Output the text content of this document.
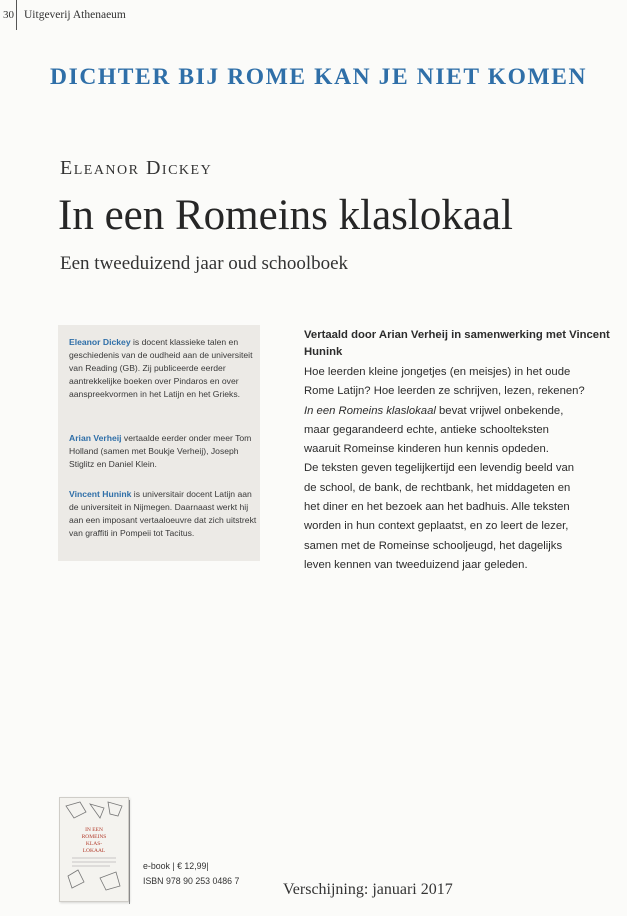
30 Uitgeverij Athenaeum
DICHTER BIJ ROME KAN JE NIET KOMEN
Eleanor Dickey
In een Romeins klaslokaal
Een tweeduizend jaar oud schoolboek

Eleanor Dickey is docent klassieke talen en geschiedenis van de oudheid aan de universiteit van Reading (GB). Zij publiceerde eerder aantrekkelijke boeken over Pindaros en over aanspreekvormen in het Latijn en het Grieks.

Arian Verheij vertaalde eerder onder meer Tom Holland (samen met Boukje Verheij), Joseph Stiglitz en Daniel Klein.

Vincent Hunink is universitair docent Latijn aan de universiteit in Nijmegen. Daarnaast werkt hij aan een imposant vertaaloeuvre dat zich uitstrekt van graffiti in Pompeii tot Tacitus.

Vertaald door Arian Verheij in samenwerking met Vincent Hunink
Hoe leerden kleine jongetjes (en meisjes) in het oude
Rome Latijn? Hoe leerden ze schrijven, lezen, rekenen?
In een Romeins klaslokaal bevat vrijwel onbekende,
maar gegarandeerd echte, antieke schoolteksten
waaruit Romeinse kinderen hun kennis opdeden.
De teksten geven tegelijkertijd een levendig beeld van
de school, de bank, de rechtbank, het middageten en
het diner en het bezoek aan het badhuis. Alle teksten
worden in hun context geplaatst, en zo leert de lezer,
samen met de Romeinse schooljeugd, het dagelijks
leven kennen van tweeduizend jaar geleden.
IN EEN
ROMEINS
KLAS-
LOKAAL
e-book | € 12,99|
ISBN 978 90 253 0486 7
Verschijning: januari 2017
